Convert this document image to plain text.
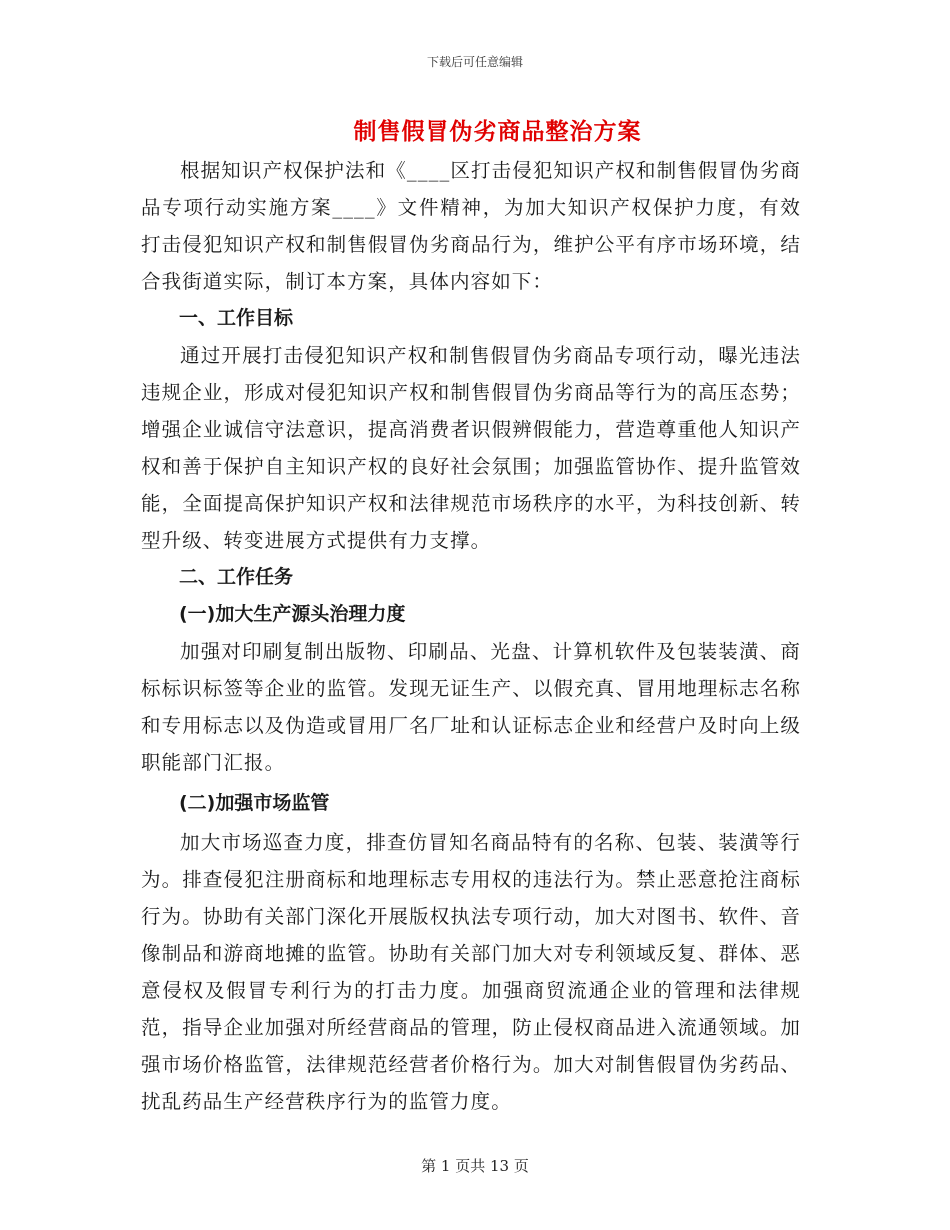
下载后可任意编辑
制售假冒伪劣商品整治方案

根据知识产权保护法和《____区打击侵犯知识产权和制售假冒伪劣商品专项行动实施方案____》文件精神，为加大知识产权保护力度，有效打击侵犯知识产权和制售假冒伪劣商品行为，维护公平有序市场环境，结合我街道实际，制订本方案，具体内容如下：

一、工作目标

通过开展打击侵犯知识产权和制售假冒伪劣商品专项行动，曝光违法违规企业，形成对侵犯知识产权和制售假冒伪劣商品等行为的高压态势；增强企业诚信守法意识，提高消费者识假辨假能力，营造尊重他人知识产权和善于保护自主知识产权的良好社会氛围；加强监管协作、提升监管效能，全面提高保护知识产权和法律规范市场秩序的水平，为科技创新、转型升级、转变进展方式提供有力支撑。

二、工作任务

(一)加大生产源头治理力度

加强对印刷复制出版物、印刷品、光盘、计算机软件及包装装潢、商标标识标签等企业的监管。发现无证生产、以假充真、冒用地理标志名称和专用标志以及伪造或冒用厂名厂址和认证标志企业和经营户及时向上级职能部门汇报。

(二)加强市场监管

加大市场巡查力度，排查仿冒知名商品特有的名称、包装、装潢等行为。排查侵犯注册商标和地理标志专用权的违法行为。禁止恶意抢注商标行为。协助有关部门深化开展版权执法专项行动，加大对图书、软件、音像制品和游商地摊的监管。协助有关部门加大对专利领域反复、群体、恶意侵权及假冒专利行为的打击力度。加强商贸流通企业的管理和法律规范，指导企业加强对所经营商品的管理，防止侵权商品进入流通领域。加强市场价格监管，法律规范经营者价格行为。加大对制售假冒伪劣药品、扰乱药品生产经营秩序行为的监管力度。

第 1 页共 13 页
